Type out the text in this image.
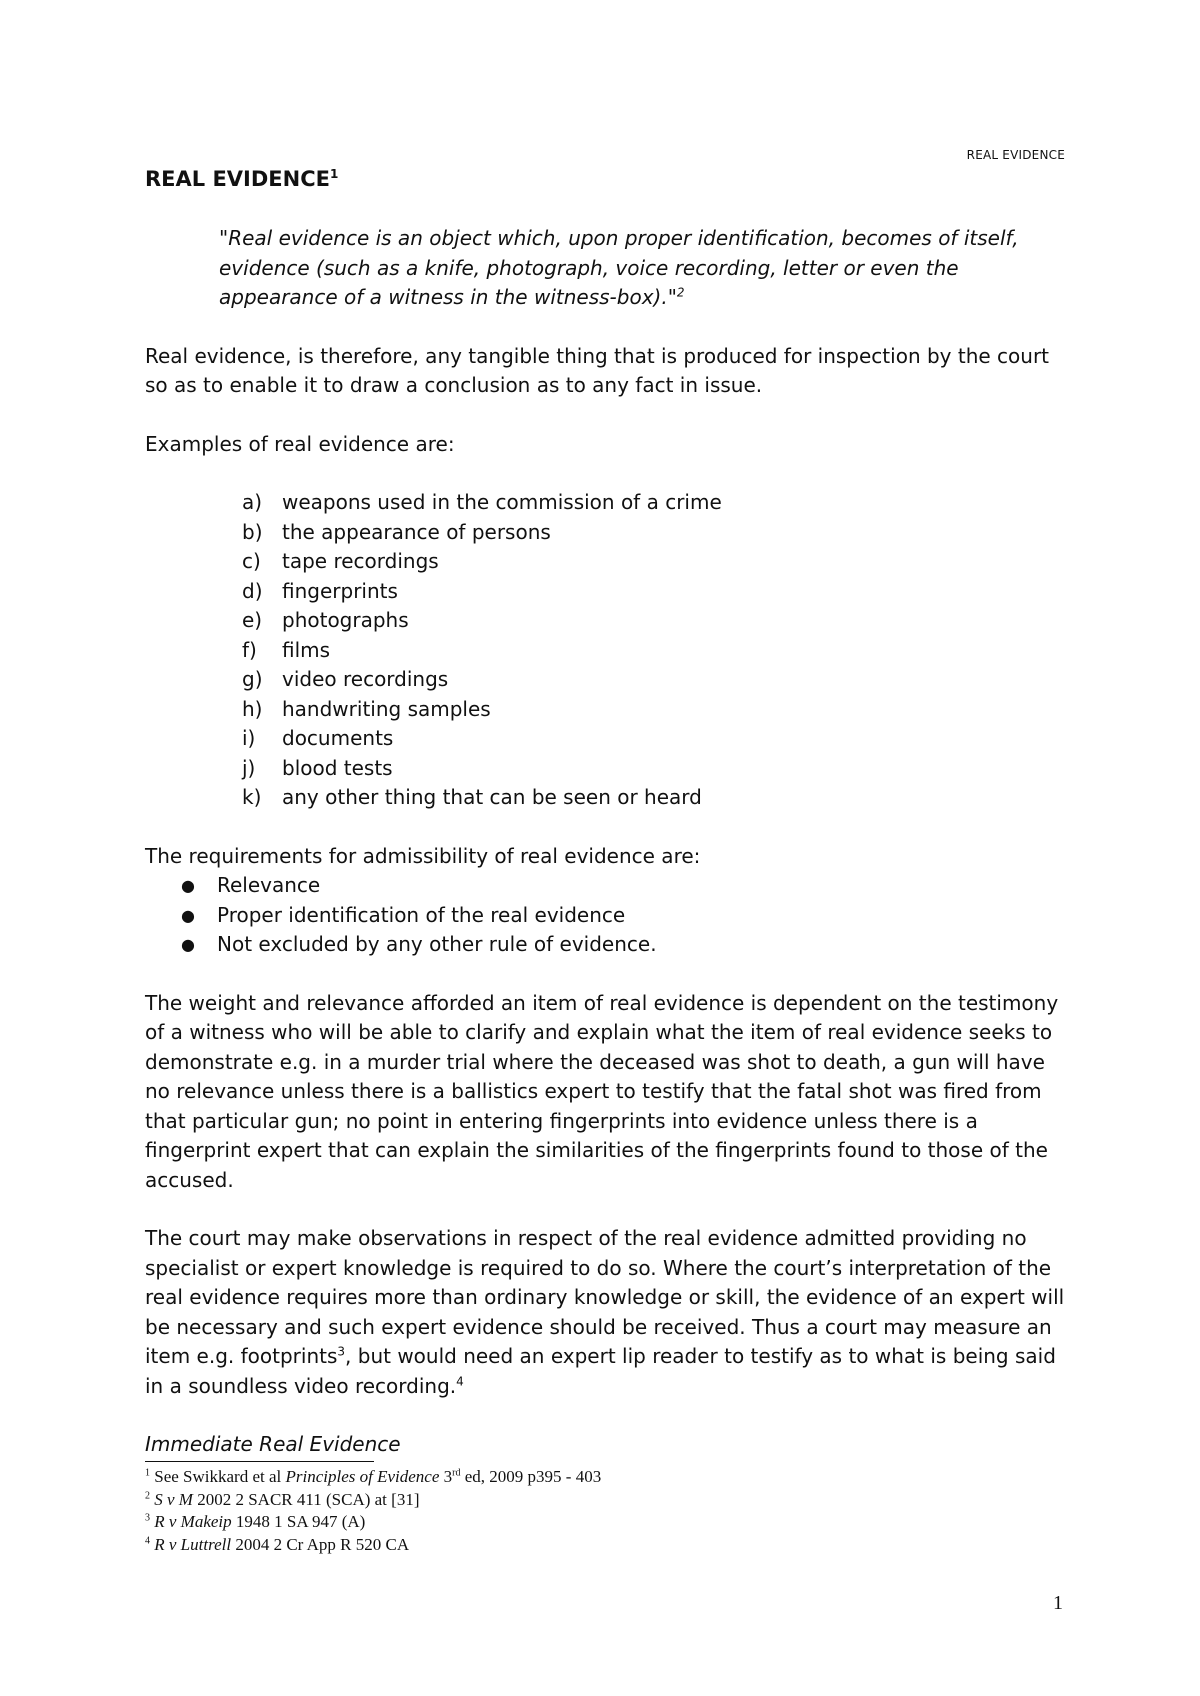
REAL EVIDENCE
REAL EVIDENCE$^1$
"Real evidence is an object which, upon proper identification, becomes of itself, evidence (such as a knife, photograph, voice recording, letter or even the appearance of a witness in the witness-box)."$^2$

Real evidence, is therefore, any tangible thing that is produced for inspection by the court so as to enable it to draw a conclusion as to any fact in issue.

Examples of real evidence are:

a) weapons used in the commission of a crime
b) the appearance of persons
c)	tape recordings
d) fingerprints
e) photographs
f)	films
g) video recordings
h) handwriting samples
i)	documents
j)	blood tests
k)	any other thing that can be seen or heard

The requirements for admissibility of real evidence are:

●	Relevance
●	Proper identification of the real evidence
●	Not excluded by any other rule of evidence.

The weight and relevance afforded an item of real evidence is dependent on the testimony of a witness who will be able to clarify and explain what the item of real evidence seeks to demonstrate e.g. in a murder trial where the deceased was shot to death, a gun will have no relevance unless there is a ballistics expert to testify that the fatal shot was fired from that particular gun; no point in entering fingerprints into evidence unless there is a fingerprint expert that can explain the similarities of the fingerprints found to those of the accused.

The court may make observations in respect of the real evidence admitted providing no specialist or expert knowledge is required to do so. Where the court’s interpretation of the real evidence requires more than ordinary knowledge or skill, the evidence of an expert will be necessary and such expert evidence should be received. Thus a court may measure an item e.g. footprints$^3$, but would need an expert lip reader to testify as to what is being said in a soundless video recording.$^4$

Immediate Real Evidence

$^1$ See Swikkard et al Principles of Evidence 3rd ed, 2009 p395 - 403
$^2$ S v M 2002 2 SACR 411 (SCA) at [31]
$^3$ R v Makeip 1948 1 SA 947 (A)
$^4$ R v Luttrell 2004 2 Cr App R 520 CA
1
